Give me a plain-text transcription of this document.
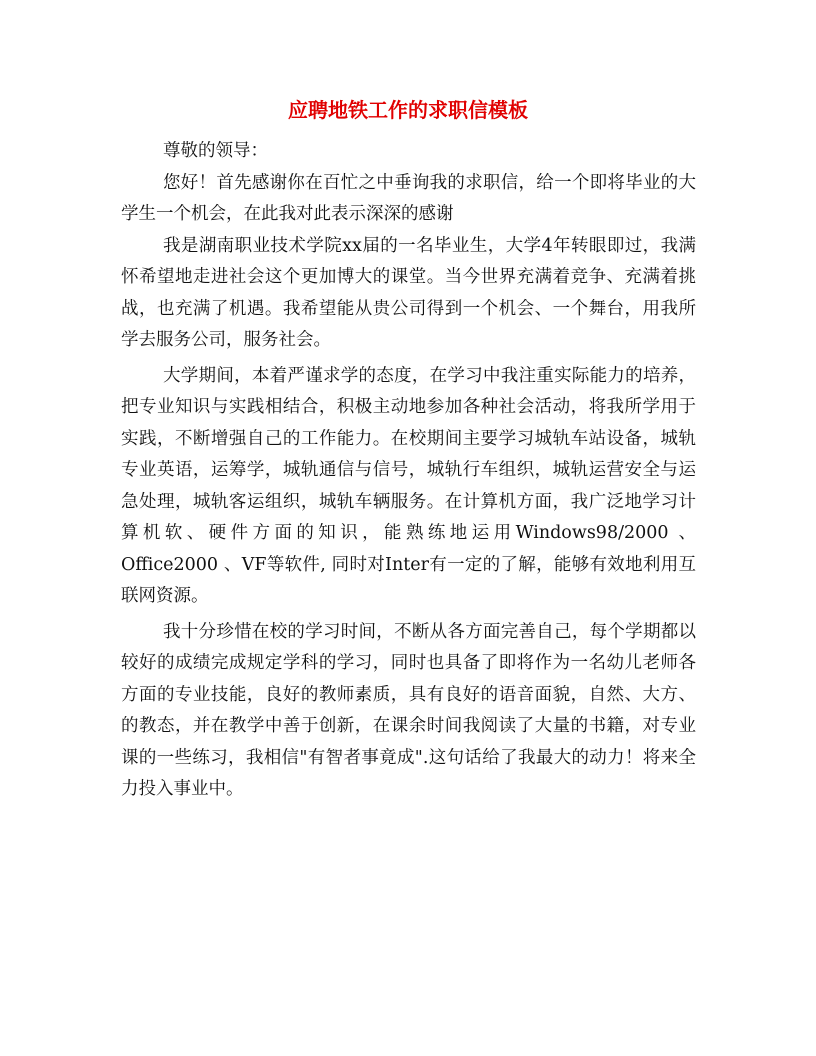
应聘地铁工作的求职信模板

尊敬的领导：

您好！首先感谢你在百忙之中垂询我的求职信，给一个即将毕业的大学生一个机会，在此我对此表示深深的感谢

我是湖南职业技术学院xx届的一名毕业生，大学4年转眼即过，我满怀希望地走进社会这个更加博大的课堂。当今世界充满着竞争、充满着挑战，也充满了机遇。我希望能从贵公司得到一个机会、一个舞台，用我所学去服务公司，服务社会。

大学期间，本着严谨求学的态度，在学习中我注重实际能力的培养，把专业知识与实践相结合，积极主动地参加各种社会活动，将我所学用于实践，不断增强自己的工作能力。在校期间主要学习城轨车站设备，城轨专业英语，运筹学，城轨通信与信号，城轨行车组织，城轨运营安全与运急处理，城轨客运组织，城轨车辆服务。在计算机方面，我广泛地学习计算机软、硬件方面的知识，能熟练地运用Windows98/2000 、Office2000 、VF等软件, 同时对Inter有一定的了解，能够有效地利用互联网资源。

我十分珍惜在校的学习时间，不断从各方面完善自己，每个学期都以较好的成绩完成规定学科的学习，同时也具备了即将作为一名幼儿老师各方面的专业技能，良好的教师素质，具有良好的语音面貌，自然、大方、的教态，并在教学中善于创新，在课余时间我阅读了大量的书籍，对专业课的一些练习，我相信"有智者事竟成".这句话给了我最大的动力！将来全力投入事业中。
